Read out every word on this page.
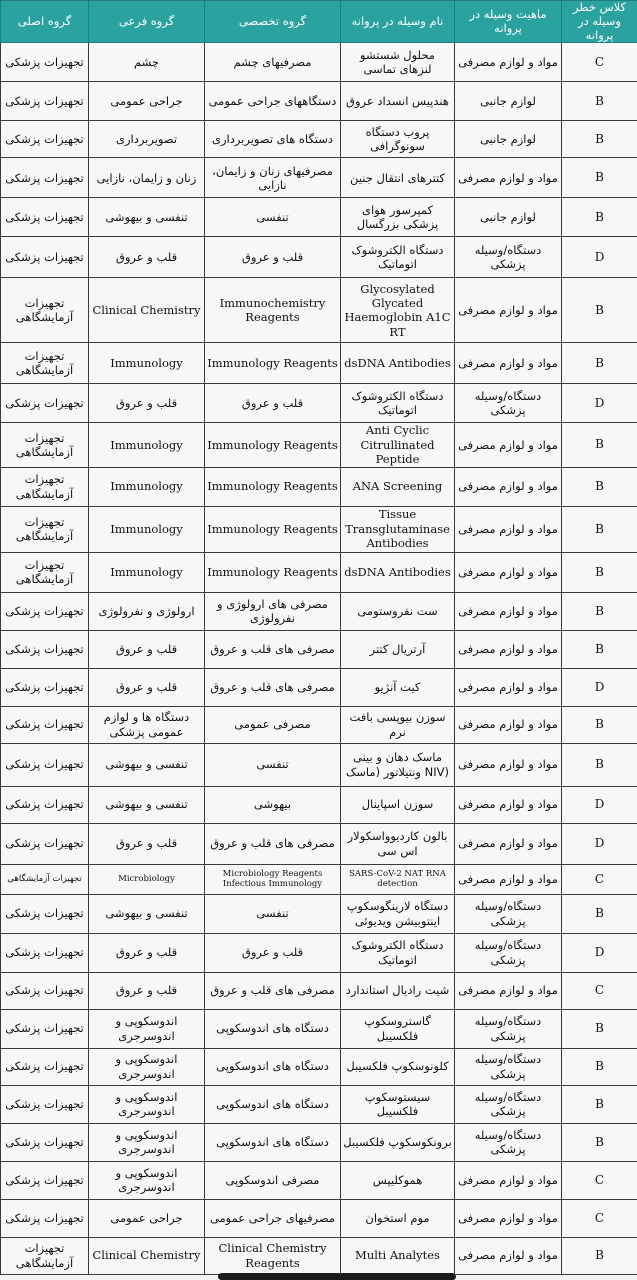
کلاس خطر وسیله در پروانه	ماهیت وسیله در پروانه	نام وسیله در پروانه	گروه تخصصی	گروه فرعی	گروه اصلی
C	مواد و لوازم مصرفی	محلول شستشو لنزهای تماسی	مصرفیهای چشم	چشم	تجهیزات پزشکی
B	لوازم جانبی	هندپیس انسداد عروق	دستگاههای جراحی عمومی	جراحی عمومی	تجهیزات پزشکی
B	لوازم جانبی	پروب دستگاه سونوگرافی	دستگاه های تصویربرداری	تصویربرداری	تجهیزات پزشکی
B	مواد و لوازم مصرفی	کتترهای انتقال جنین	مصرفیهای زنان و زایمان، نازایی	زنان و زایمان، نازایی	تجهیزات پزشکی
B	لوازم جانبی	کمپرسور هوای پزشکی بزرگسال	تنفسی	تنفسی و بیهوشی	تجهیزات پزشکی
D	دستگاه/وسیله پزشکی	دستگاه الکتروشوک اتوماتیک	قلب و عروق	قلب و عروق	تجهیزات پزشکی
B	مواد و لوازم مصرفی	Glycosylated Glycated Haemoglobin A1C RT	Immunochemistry Reagents	Clinical Chemistry	تجهیزات آزمایشگاهی
B	مواد و لوازم مصرفی	dsDNA Antibodies	Immunology Reagents	Immunology	تجهیزات آزمایشگاهی
D	دستگاه/وسیله پزشکی	دستگاه الکتروشوک اتوماتیک	قلب و عروق	قلب و عروق	تجهیزات پزشکی
B	مواد و لوازم مصرفی	Anti Cyclic Citrullinated Peptide	Immunology Reagents	Immunology	تجهیزات آزمایشگاهی
B	مواد و لوازم مصرفی	ANA Screening	Immunology Reagents	Immunology	تجهیزات آزمایشگاهی
B	مواد و لوازم مصرفی	Tissue Transglutaminase Antibodies	Immunology Reagents	Immunology	تجهیزات آزمایشگاهی
B	مواد و لوازم مصرفی	dsDNA Antibodies	Immunology Reagents	Immunology	تجهیزات آزمایشگاهی
B	مواد و لوازم مصرفی	ست نفروستومی	مصرفی های ارولوژی و نفرولوژی	ارولوژی و نفرولوژی	تجهیزات پزشکی
B	مواد و لوازم مصرفی	آرتریال کتتر	مصرفی های قلب و عروق	قلب و عروق	تجهیزات پزشکی
D	مواد و لوازم مصرفی	کیت آنژیو	مصرفی های قلب و عروق	قلب و عروق	تجهیزات پزشکی
B	مواد و لوازم مصرفی	سوزن بیوپسی بافت نرم	مصرفی عمومی	دستگاه ها و لوازم عمومی پزشکی	تجهیزات پزشکی
B	مواد و لوازم مصرفی	ماسک دهان و بینی (NIV ونتیلاتور (ماسک	تنفسی	تنفسی و بیهوشی	تجهیزات پزشکی
D	مواد و لوازم مصرفی	سوزن اسپاینال	بیهوشی	تنفسی و بیهوشی	تجهیزات پزشکی
D	مواد و لوازم مصرفی	بالون کاردیوواسکولار اس سی	مصرفی های قلب و عروق	قلب و عروق	تجهیزات پزشکی
C	مواد و لوازم مصرفی	SARS-CoV-2 NAT RNA detection	Microbiology Reagents Infectious Immunology	Microbiology	تجهیزات آزمایشگاهی
B	دستگاه/وسیله پزشکی	دستگاه لارینگوسکوپ اینتوبیشن ویدیوئی	تنفسی	تنفسی و بیهوشی	تجهیزات پزشکی
D	دستگاه/وسیله پزشکی	دستگاه الکتروشوک اتوماتیک	قلب و عروق	قلب و عروق	تجهیزات پزشکی
C	مواد و لوازم مصرفی	شیت رادیال استاندارد	مصرفی های قلب و عروق	قلب و عروق	تجهیزات پزشکی
B	دستگاه/وسیله پزشکی	گاستروسکوپ فلکسیبل	دستگاه های اندوسکوپی	اندوسکوپی و اندوسرجری	تجهیزات پزشکی
B	دستگاه/وسیله پزشکی	کلونوسکوپ فلکسیبل	دستگاه های اندوسکوپی	اندوسکوپی و اندوسرجری	تجهیزات پزشکی
B	دستگاه/وسیله پزشکی	سیستوسکوپ فلکسیبل	دستگاه های اندوسکوپی	اندوسکوپی و اندوسرجری	تجهیزات پزشکی
B	دستگاه/وسیله پزشکی	برونکوسکوپ فلکسیبل	دستگاه های اندوسکوپی	اندوسکوپی و اندوسرجری	تجهیزات پزشکی
C	مواد و لوازم مصرفی	هموکلیپس	مصرفی اندوسکوپی	اندوسکوپی و اندوسرجری	تجهیزات پزشکی
C	مواد و لوازم مصرفی	موم استخوان	مصرفیهای جراحی عمومی	جراحی عمومی	تجهیزات پزشکی
B	مواد و لوازم مصرفی	Multi Analytes	Clinical Chemistry Reagents	Clinical Chemistry	تجهیزات آزمایشگاهی
